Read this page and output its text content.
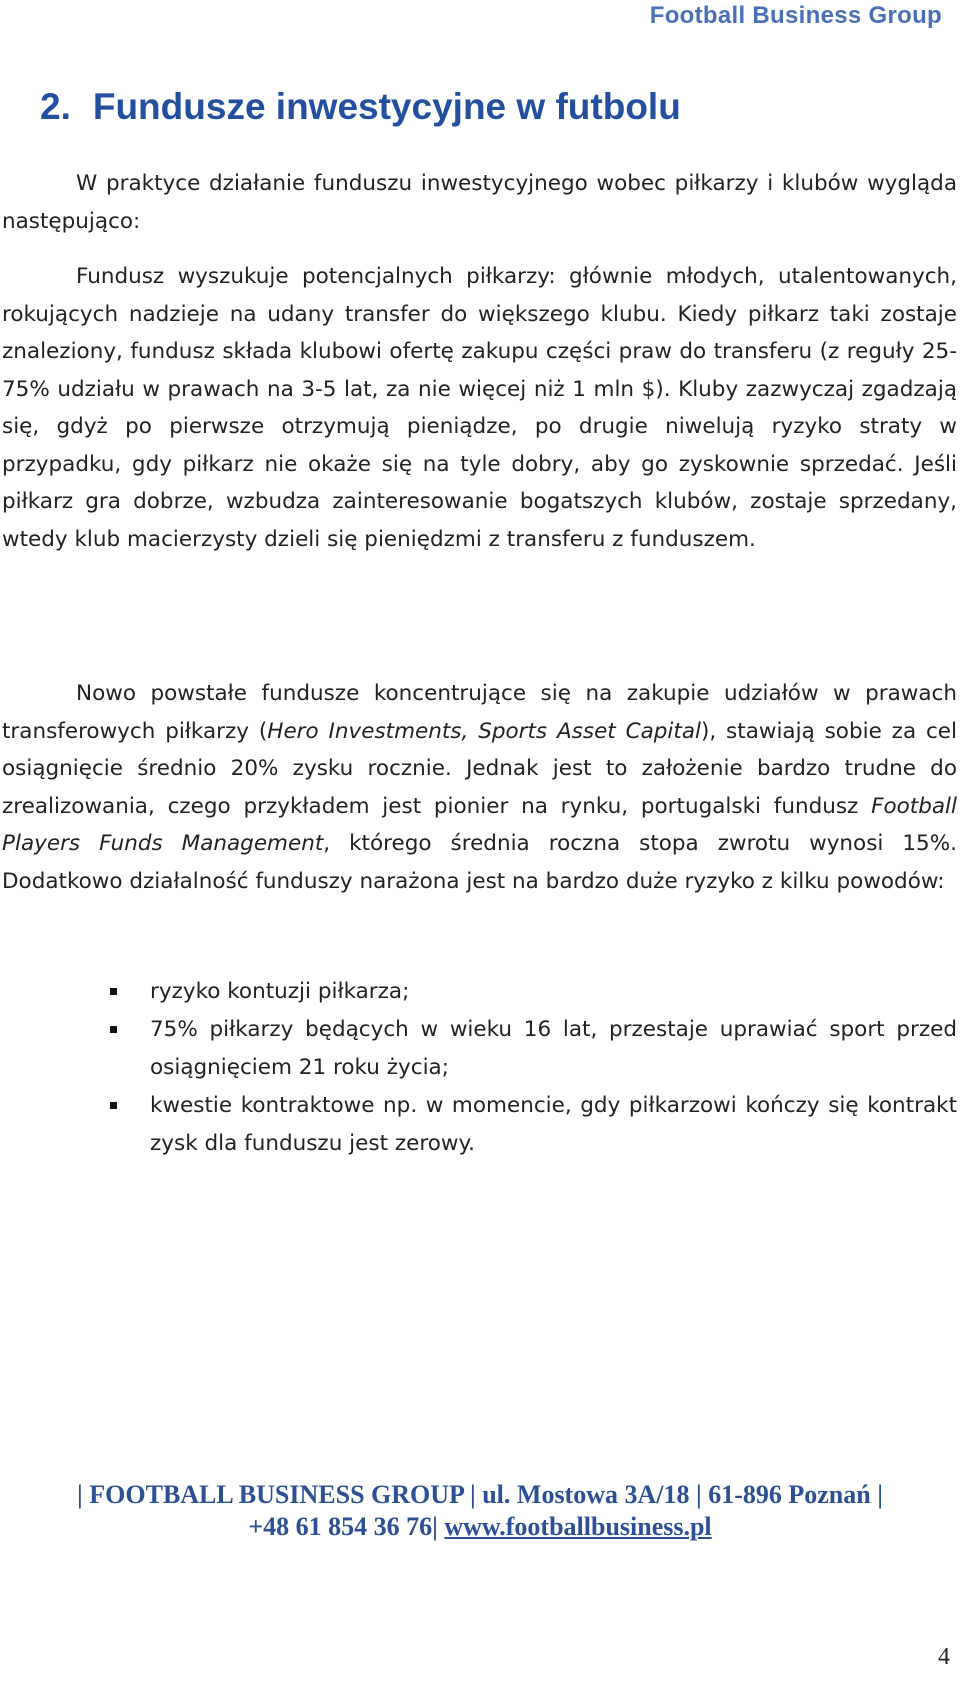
Football Business Group
2. Fundusze inwestycyjne w futbolu

W praktyce działanie funduszu inwestycyjnego wobec piłkarzy i klubów wygląda następująco:

Fundusz wyszukuje potencjalnych piłkarzy: głównie młodych, utalentowanych, rokujących nadzieje na udany transfer do większego klubu. Kiedy piłkarz taki zostaje znaleziony, fundusz składa klubowi ofertę zakupu części praw do transferu (z reguły 25-75% udziału w prawach na 3-5 lat, za nie więcej niż 1 mln $). Kluby zazwyczaj zgadzają się, gdyż po pierwsze otrzymują pieniądze, po drugie niwelują ryzyko straty w przypadku, gdy piłkarz nie okaże się na tyle dobry, aby go zyskownie sprzedać. Jeśli piłkarz gra dobrze, wzbudza zainteresowanie bogatszych klubów, zostaje sprzedany, wtedy klub macierzysty dzieli się pieniędzmi z transferu z funduszem.

Nowo powstałe fundusze koncentrujące się na zakupie udziałów w prawach transferowych piłkarzy (Hero Investments, Sports Asset Capital), stawiają sobie za cel osiągnięcie średnio 20% zysku rocznie. Jednak jest to założenie bardzo trudne do zrealizowania, czego przykładem jest pionier na rynku, portugalski fundusz Football Players Funds Management, którego średnia roczna stopa zwrotu wynosi 15%. Dodatkowo działalność funduszy narażona jest na bardzo duże ryzyko z kilku powodów:

ryzyko kontuzji piłkarza;
75% piłkarzy będących w wieku 16 lat, przestaje uprawiać sport przed osiągnięciem 21 roku życia;
kwestie kontraktowe np. w momencie, gdy piłkarzowi kończy się kontrakt zysk dla funduszu jest zerowy.
| FOOTBALL BUSINESS GROUP | ul. Mostowa 3A/18 | 61-896 Poznań |
+48 61 854 36 76| www.footballbusiness.pl
4
